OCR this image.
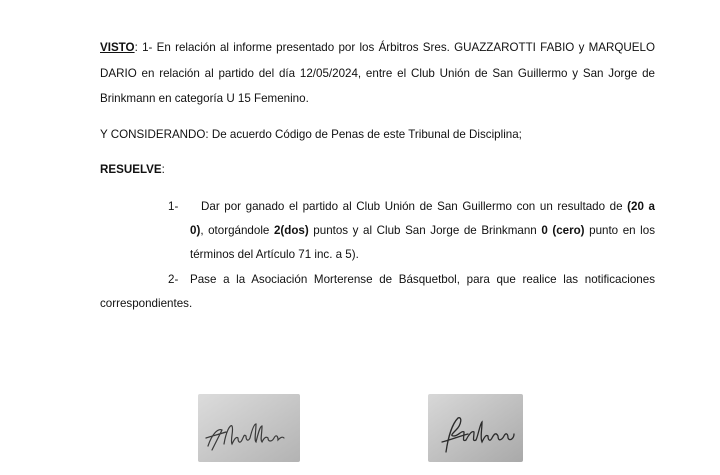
VISTO: 1- En relación al informe presentado por los Árbitros Sres. GUAZZAROTTI FABIO y MARQUELO
DARIO en relación al partido del día 12/05/2024, entre el Club Unión de San Guillermo y San Jorge de
Brinkmann en categoría U 15 Femenino.
Y CONSIDERANDO: De acuerdo Código de Penas de este Tribunal de Disciplina;
RESUELVE:
1- Dar por ganado el partido al Club Unión de San Guillermo con un resultado de (20 a
0), otorgándole 2(dos) puntos y al Club San Jorge de Brinkmann 0 (cero) punto en los
términos del Artículo 71 inc. a 5).
2- Pase a la Asociación Morterense de Básquetbol, para que realice las notificaciones
correspondientes.
